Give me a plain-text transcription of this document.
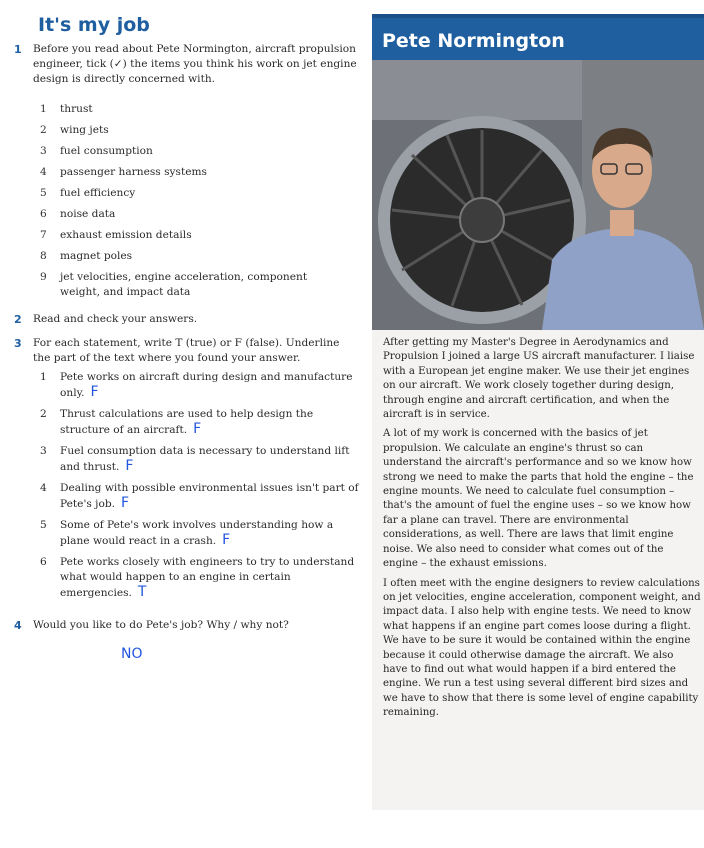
It's my job
1 Before you read about Pete Normington, aircraft propulsion engineer, tick (✓) the items you think his work on jet engine design is directly concerned with.
1	thrust
2	wing jets
3	fuel consumption
4	passenger harness systems
5	fuel efficiency
6	noise data
7	exhaust emission details
8	magnet poles
9	jet velocities, engine acceleration, component weight, and impact data
2 Read and check your answers.
3 For each statement, write T (true) or F (false). Underline the part of the text where you found your answer.
1	Pete works on aircraft during design and manufacture only. F
2	Thrust calculations are used to help design the structure of an aircraft. F
3	Fuel consumption data is necessary to understand lift and thrust. F
4	Dealing with possible environmental issues isn't part of Pete's job. F
5	Some of Pete's work involves understanding how a plane would react in a crash. F
6	Pete works closely with engineers to try to understand what would happen to an engine in certain emergencies. T
4 Would you like to do Pete's job? Why / why not?
NO
Pete Normington

After getting my Master's Degree in Aerodynamics and Propulsion I joined a large US aircraft manufacturer. I liaise with a European jet engine maker. We use their jet engines on our aircraft. We work closely together during design, through engine and aircraft certification, and when the aircraft is in service.

A lot of my work is concerned with the basics of jet propulsion. We calculate an engine's thrust so can understand the aircraft's performance and so we know how strong we need to make the parts that hold the engine – the engine mounts. We need to calculate fuel consumption – that's the amount of fuel the engine uses – so we know how far a plane can travel. There are environmental considerations, as well. There are laws that limit engine noise. We also need to consider what comes out of the engine – the exhaust emissions.

I often meet with the engine designers to review calculations on jet velocities, engine acceleration, component weight, and impact data. I also help with engine tests. We need to know what happens if an engine part comes loose during a flight. We have to be sure it would be contained within the engine because it could otherwise damage the aircraft. We also have to find out what would happen if a bird entered the engine. We run a test using several different bird sizes and we have to show that there is some level of engine capability remaining.
